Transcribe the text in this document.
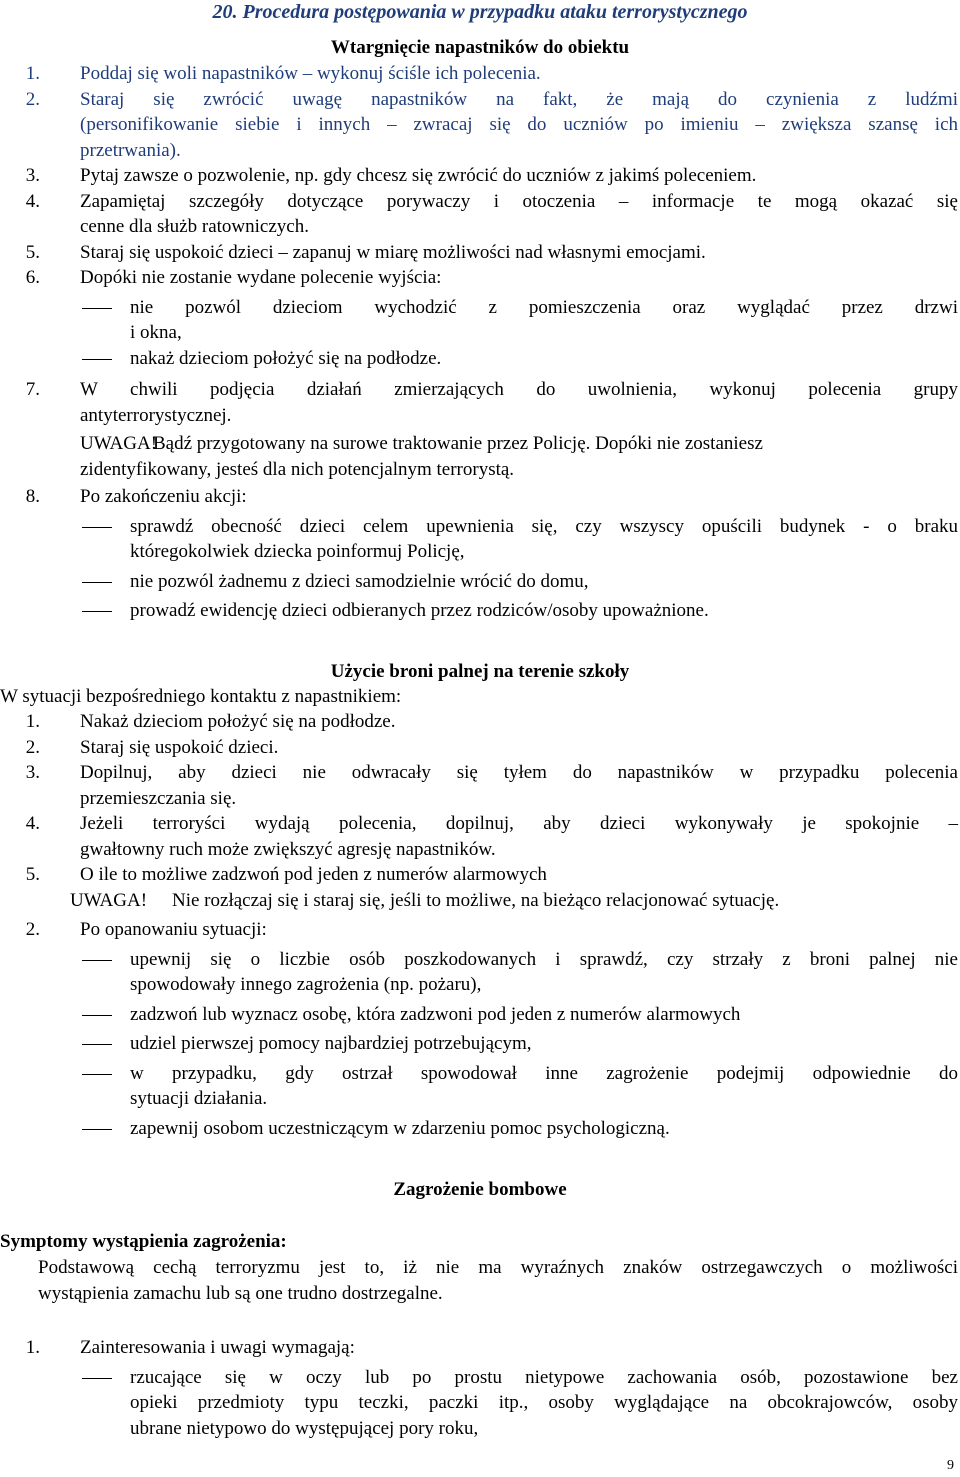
20. Procedura postępowania w przypadku ataku terrorystycznego
Wtargnięcie napastników do obiektu
1. Poddaj się woli napastników – wykonuj ściśle ich polecenia.
2. Staraj się zwrócić uwagę napastników na fakt, że mają do czynienia z ludźmi
(personifikowanie siebie i innych – zwracaj się do uczniów po imieniu – zwiększa szansę ich
przetrwania).
3. Pytaj zawsze o pozwolenie, np. gdy chcesz się zwrócić do uczniów z jakimś poleceniem.
4. Zapamiętaj szczegóły dotyczące porywaczy i otoczenia – informacje te mogą okazać się
cenne dla służb ratowniczych.
5. Staraj się uspokoić dzieci – zapanuj w miarę możliwości nad własnymi emocjami.
6. Dopóki nie zostanie wydane polecenie wyjścia:
nie pozwól dzieciom wychodzić z pomieszczenia oraz wyglądać przez drzwi
i okna,
nakaż dzieciom położyć się na podłodze.
7. W chwili podjęcia działań zmierzających do uwolnienia, wykonuj polecenia grupy
antyterrorystycznej.
UWAGA!
Bądź przygotowany na surowe traktowanie przez Policję. Dopóki nie zostaniesz
zidentyfikowany, jesteś dla nich potencjalnym terrorystą.
8. Po zakończeniu akcji:
sprawdź obecność dzieci celem upewnienia się, czy wszyscy opuścili budynek - o braku
któregokolwiek dziecka poinformuj Policję,
nie pozwól żadnemu z dzieci samodzielnie wrócić do domu,
prowadź ewidencję dzieci odbieranych przez rodziców/osoby upoważnione.
Użycie broni palnej na terenie szkoły
W sytuacji bezpośredniego kontaktu z napastnikiem:
1. Nakaż dzieciom położyć się na podłodze.
2. Staraj się uspokoić dzieci.
3. Dopilnuj, aby dzieci nie odwracały się tyłem do napastników w przypadku polecenia
przemieszczania się.
4. Jeżeli terroryści wydają polecenia, dopilnuj, aby dzieci wykonywały je spokojnie –
gwałtowny ruch może zwiększyć agresję napastników.
5. O ile to możliwe zadzwoń pod jeden z numerów alarmowych
UWAGA! Nie rozłączaj się i staraj się, jeśli to możliwe, na bieżąco relacjonować sytuację.
2. Po opanowaniu sytuacji:
upewnij się o liczbie osób poszkodowanych i sprawdź, czy strzały z broni palnej nie
spowodowały innego zagrożenia (np. pożaru),
zadzwoń lub wyznacz osobę, która zadzwoni pod jeden z numerów alarmowych
udziel pierwszej pomocy najbardziej potrzebującym,
w przypadku, gdy ostrzał spowodował inne zagrożenie podejmij odpowiednie do
sytuacji działania.
zapewnij osobom uczestniczącym w zdarzeniu pomoc psychologiczną.
Zagrożenie bombowe
Symptomy wystąpienia zagrożenia:
Podstawową cechą terroryzmu jest to, iż nie ma wyraźnych znaków ostrzegawczych o możliwości
wystąpienia zamachu lub są one trudno dostrzegalne.
1. Zainteresowania i uwagi wymagają:
rzucające się w oczy lub po prostu nietypowe zachowania osób, pozostawione bez
opieki przedmioty typu teczki, paczki itp., osoby wyglądające na obcokrajowców, osoby
ubrane nietypowo do występującej pory roku,
9
